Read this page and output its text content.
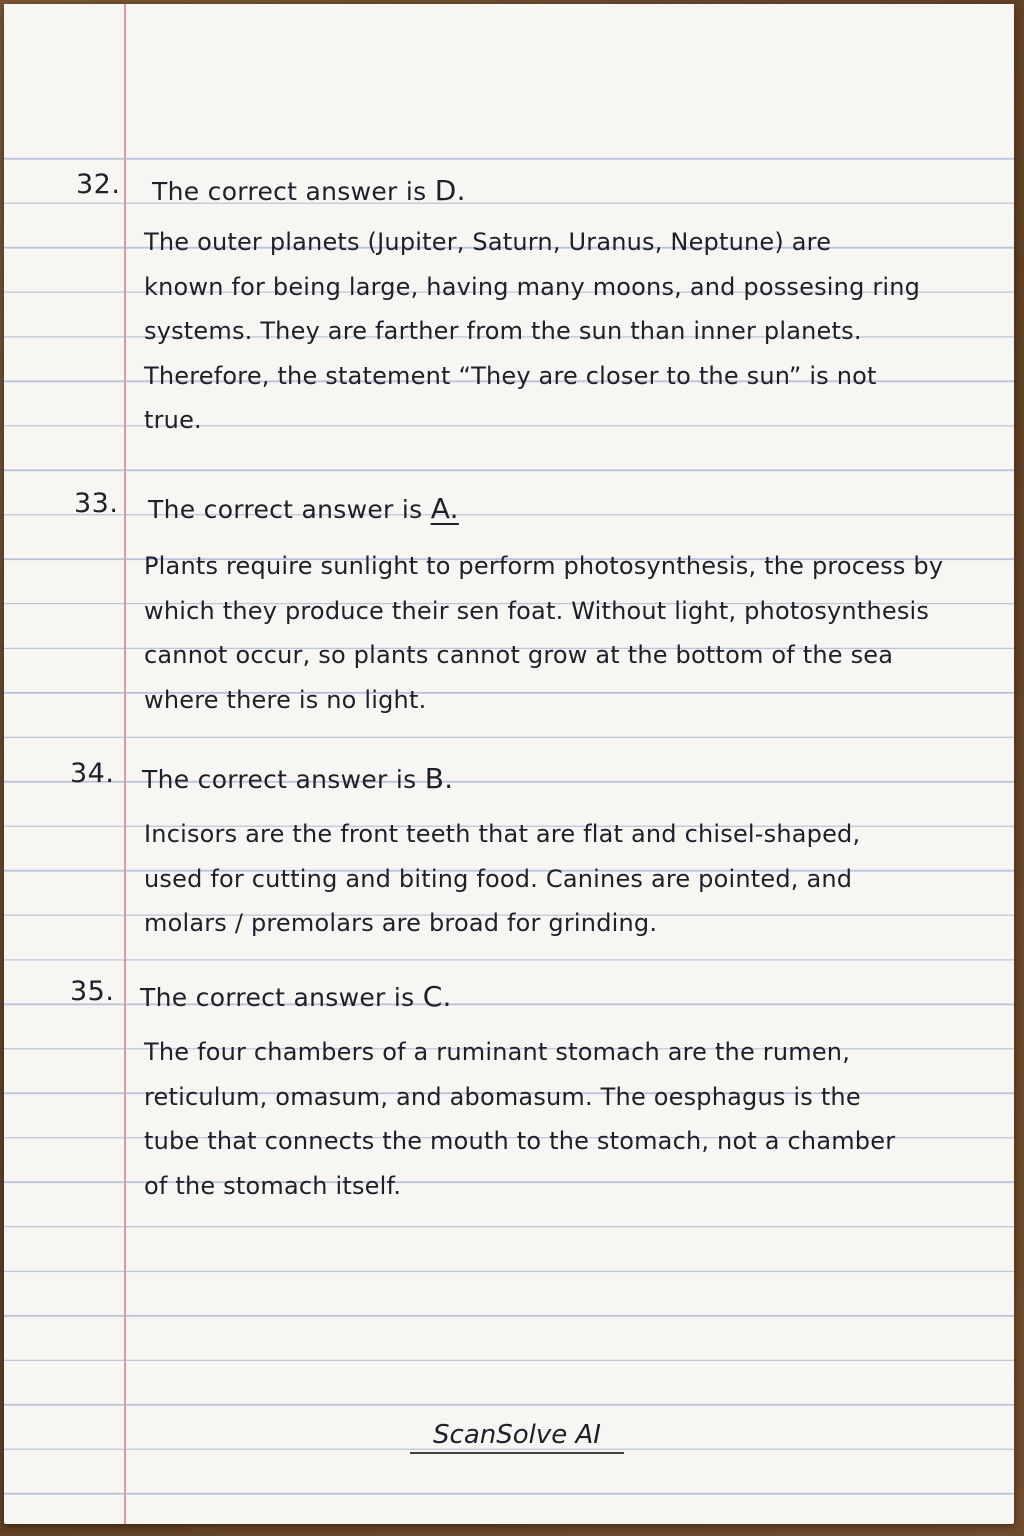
32. The correct answer is D.
The outer planets (Jupiter, Saturn, Uranus, Neptune) are
known for being large, having many moons, and possesing ring
systems. They are farther from the sun than inner planets.
Therefore, the statement “They are closer to the sun” is not
true.
33. The correct answer is A.
Plants require sunlight to perform photosynthesis, the process by
which they produce their sen foat. Without light, photosynthesis
cannot occur, so plants cannot grow at the bottom of the sea
where there is no light.
34. The correct answer is B.
Incisors are the front teeth that are flat and chisel-shaped,
used for cutting and biting food. Canines are pointed, and
molars / premolars are broad for grinding.
35. The correct answer is C.
The four chambers of a ruminant stomach are the rumen,
reticulum, omasum, and abomasum. The oesphagus is the
tube that connects the mouth to the stomach, not a chamber
of the stomach itself.
ScanSolve AI
